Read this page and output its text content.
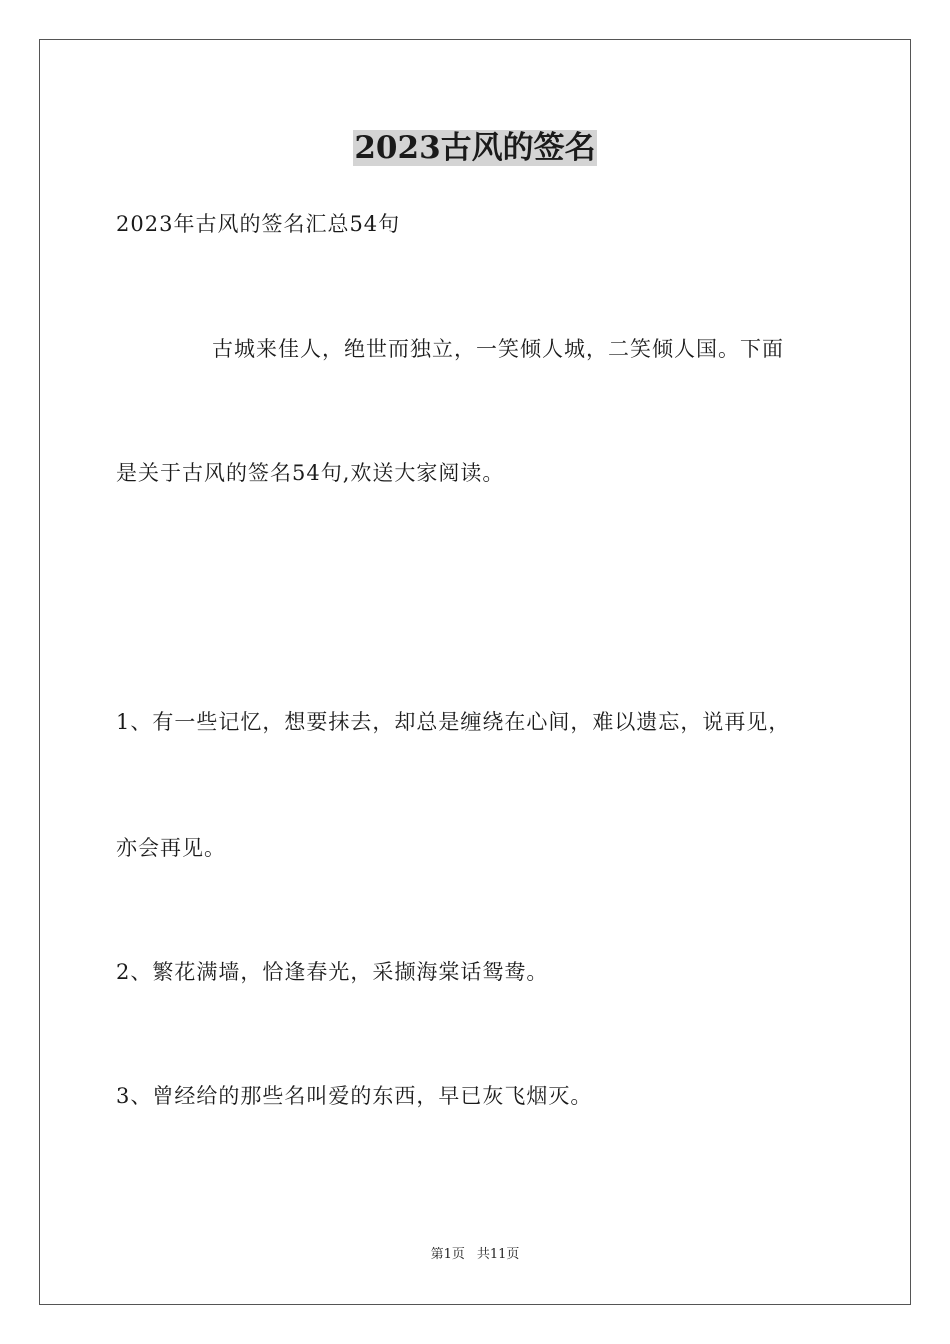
2023古风的签名
2023年古风的签名汇总54句
古城来佳人，绝世而独立，一笑倾人城，二笑倾人国。下面
是关于古风的签名54句,欢送大家阅读。
1、有一些记忆，想要抹去，却总是缠绕在心间，难以遗忘，说再见，
亦会再见。
2、繁花满墙，恰逢春光，采撷海棠话鸳鸯。
3、曾经给的那些名叫爱的东西，早已灰飞烟灭。
第1页 共11页
